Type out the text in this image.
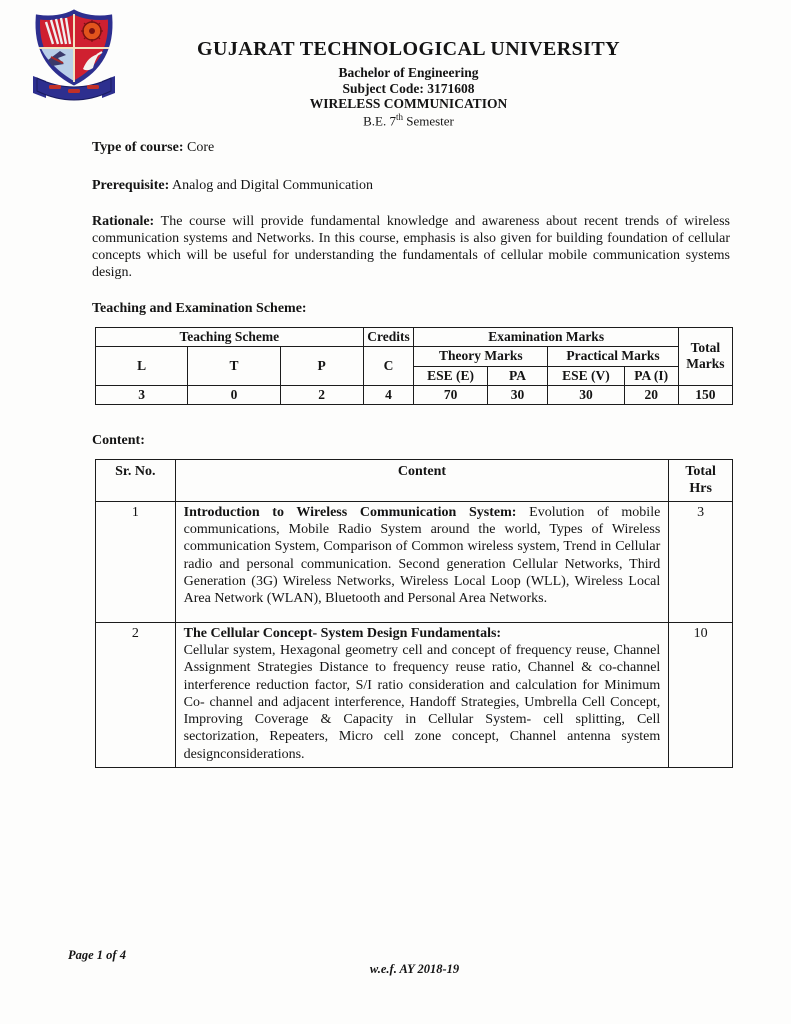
GUJARAT TECHNOLOGICAL UNIVERSITY
Bachelor of Engineering
Subject Code: 3171608
WIRELESS COMMUNICATION
B.E. 7th Semester

Type of course: Core

Prerequisite: Analog and Digital Communication

Rationale: The course will provide fundamental knowledge and awareness about recent trends of wireless communication systems and Networks. In this course, emphasis is also given for building foundation of cellular concepts which will be useful for understanding the fundamentals of cellular mobile communication systems design.

Teaching and Examination Scheme:

Teaching Scheme			Credits	Examination Marks				Total Marks
L	T	P	C	Theory Marks		Practical Marks		
				ESE (E)	PA	ESE (V)	PA (I)	
3	0	2	4	70	30	30	20	150

Content:

Sr. No.	Content	Total Hrs
1	Introduction to Wireless Communication System: Evolution of mobile communications, Mobile Radio System around the world, Types of Wireless communication System, Comparison of Common wireless system, Trend in Cellular radio and personal communication. Second generation Cellular Networks, Third Generation (3G) Wireless Networks, Wireless Local Loop (WLL), Wireless Local Area Network (WLAN), Bluetooth and Personal Area Networks.	3
2	The Cellular Concept- System Design Fundamentals:
Cellular system, Hexagonal geometry cell and concept of frequency reuse, Channel Assignment Strategies Distance to frequency reuse ratio, Channel & co-channel interference reduction factor, S/I ratio consideration and calculation for Minimum Co- channel and adjacent interference, Handoff Strategies, Umbrella Cell Concept, Improving Coverage & Capacity in Cellular System- cell splitting, Cell sectorization, Repeaters, Micro cell zone concept, Channel antenna system designconsiderations.	10
Page 1 of 4
w.e.f. AY 2018-19
